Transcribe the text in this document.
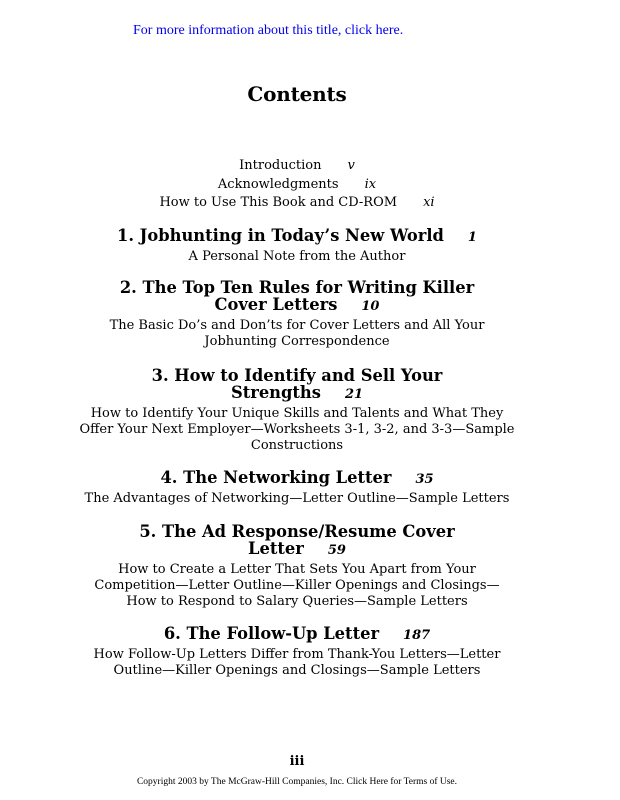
For more information about this title, click here.
Contents
Introduction v
Acknowledgments ix
How to Use This Book and CD-ROM xi

1. Jobhunting in Today’s New World 1

A Personal Note from the Author

2. The Top Ten Rules for Writing Killer Cover Letters 10

The Basic Do’s and Don’ts for Cover Letters and All Your Jobhunting Correspondence

3. How to Identify and Sell Your Strengths 21

How to Identify Your Unique Skills and Talents and What They Offer Your Next Employer—Worksheets 3-1, 3-2, and 3-3—Sample Constructions

4. The Networking Letter 35

The Advantages of Networking—Letter Outline—Sample Letters

5. The Ad Response/Resume Cover Letter 59

How to Create a Letter That Sets You Apart from Your Competition—Letter Outline—Killer Openings and Closings—How to Respond to Salary Queries—Sample Letters

6. The Follow-Up Letter 187

How Follow-Up Letters Differ from Thank-You Letters—Letter Outline—Killer Openings and Closings—Sample Letters

iii
Copyright 2003 by The McGraw-Hill Companies, Inc. Click Here for Terms of Use.
